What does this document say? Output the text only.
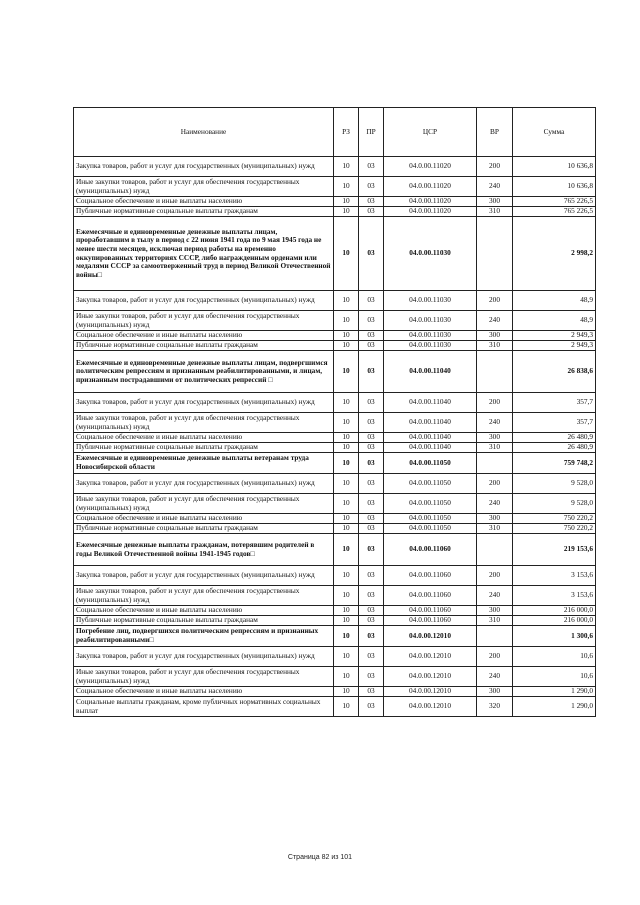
Наименование	РЗ	ПР	ЦСР	ВР	Сумма
Закупка товаров, работ и услуг для государственных (муниципальных) нужд	10	03	04.0.00.11020	200	10 636,8
Иные закупки товаров, работ и услуг для обеспечения государственных (муниципальных) нужд	10	03	04.0.00.11020	240	10 636,8
Социальное обеспечение и иные выплаты населению	10	03	04.0.00.11020	300	765 226,5
Публичные нормативные социальные выплаты гражданам	10	03	04.0.00.11020	310	765 226,5
Ежемесячные и единовременные денежные выплаты лицам, проработавшим в тылу в период с 22 июня 1941 года по 9 мая 1945 года не менее шести месяцев, исключая период работы на временно оккупированных территориях СССР, либо награжденным орденами или медалями СССР за самоотверженный труд в период Великой Отечественной войны□	10	03	04.0.00.11030		2 998,2
Закупка товаров, работ и услуг для государственных (муниципальных) нужд	10	03	04.0.00.11030	200	48,9
Иные закупки товаров, работ и услуг для обеспечения государственных (муниципальных) нужд	10	03	04.0.00.11030	240	48,9
Социальное обеспечение и иные выплаты населению	10	03	04.0.00.11030	300	2 949,3
Публичные нормативные социальные выплаты гражданам	10	03	04.0.00.11030	310	2 949,3
Ежемесячные и единовременные денежные выплаты лицам, подвергшимся политическим репрессиям и признанным реабилитированными, и лицам, признанным пострадавшими от политических репрессий □	10	03	04.0.00.11040		26 838,6
Закупка товаров, работ и услуг для государственных (муниципальных) нужд	10	03	04.0.00.11040	200	357,7
Иные закупки товаров, работ и услуг для обеспечения государственных (муниципальных) нужд	10	03	04.0.00.11040	240	357,7
Социальное обеспечение и иные выплаты населению	10	03	04.0.00.11040	300	26 480,9
Публичные нормативные социальные выплаты гражданам	10	03	04.0.00.11040	310	26 480,9
Ежемесячные и единовременные денежные выплаты ветеранам труда Новосибирской области	10	03	04.0.00.11050		759 748,2
Закупка товаров, работ и услуг для государственных (муниципальных) нужд	10	03	04.0.00.11050	200	9 528,0
Иные закупки товаров, работ и услуг для обеспечения государственных (муниципальных) нужд	10	03	04.0.00.11050	240	9 528,0
Социальное обеспечение и иные выплаты населению	10	03	04.0.00.11050	300	750 220,2
Публичные нормативные социальные выплаты гражданам	10	03	04.0.00.11050	310	750 220,2
Ежемесячные денежные выплаты гражданам, потерявшим родителей в годы Великой Отечественной войны 1941-1945 годов□	10	03	04.0.00.11060		219 153,6
Закупка товаров, работ и услуг для государственных (муниципальных) нужд	10	03	04.0.00.11060	200	3 153,6
Иные закупки товаров, работ и услуг для обеспечения государственных (муниципальных) нужд	10	03	04.0.00.11060	240	3 153,6
Социальное обеспечение и иные выплаты населению	10	03	04.0.00.11060	300	216 000,0
Публичные нормативные социальные выплаты гражданам	10	03	04.0.00.11060	310	216 000,0
Погребение лиц, подвергшихся политическим репрессиям и признанных реабилитированными□	10	03	04.0.00.12010		1 300,6
Закупка товаров, работ и услуг для государственных (муниципальных) нужд	10	03	04.0.00.12010	200	10,6
Иные закупки товаров, работ и услуг для обеспечения государственных (муниципальных) нужд	10	03	04.0.00.12010	240	10,6
Социальное обеспечение и иные выплаты населению	10	03	04.0.00.12010	300	1 290,0
Социальные выплаты гражданам, кроме публичных нормативных социальных выплат	10	03	04.0.00.12010	320	1 290,0
Страница 82 из 101
